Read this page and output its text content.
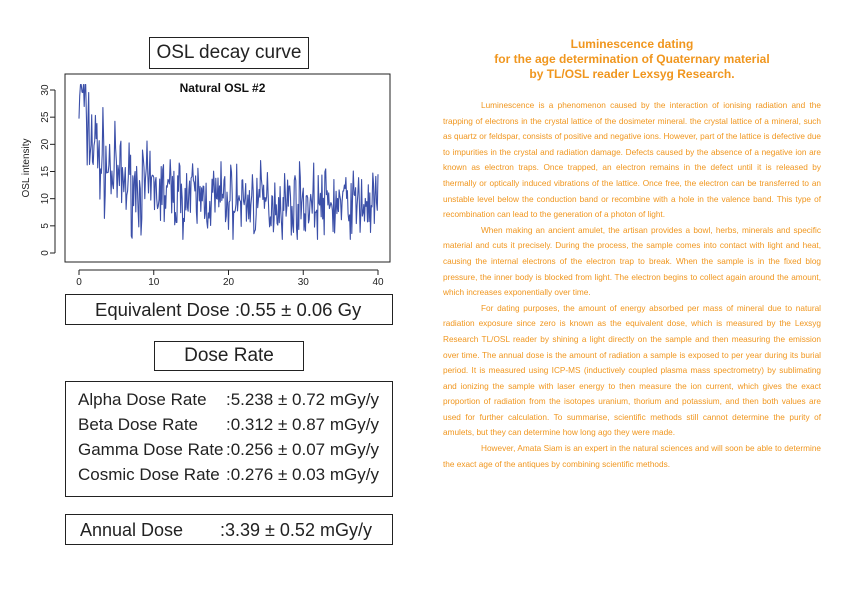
OSL decay curve
Natural OSL #2
0
5
10
15
20
25
30
OSL intensity
0	10	20	30	40
Equivalent Dose : 0.55 ± 0.06 Gy
Dose Rate
Alpha Dose Rate :5.238 ± 0.72 mGy/y
Beta Dose Rate :0.312 ± 0.87 mGy/y
Gamma Dose Rate :0.256 ± 0.07 mGy/y
Cosmic Dose Rate :0.276 ± 0.03 mGy/y
Annual Dose :3.39 ± 0.52 mGy/y
Luminescence dating
for the age determination of Quaternary material
by TL/OSL reader Lexsyg Research.

Luminescence is a phenomenon caused by the interaction of ionising radiation and the trapping of electrons in the crystal lattice of the dosimeter mineral. the crystal lattice of a mineral, such as quartz or feldspar, consists of positive and negative ions. However, part of the lattice is defective due to impurities in the crystal and radiation damage. Defects caused by the absence of a negative ion are known as electron traps. Once trapped, an electron remains in the defect until it is released by thermally or optically induced vibrations of the lattice. Once free, the electron can be transferred to an unstable level below the conduction band or recombine with a hole in the valence band. This type of recombination can lead to the generation of a photon of light.

When making an ancient amulet, the artisan provides a bowl, herbs, minerals and specific material and cuts it precisely. During the process, the sample comes into contact with light and heat, causing the internal electrons of the electron trap to break. When the sample is in the fixed blog pressure, the inner body is blocked from light. The electron begins to collect again around the amount, which increases exponentially over time.

For dating purposes, the amount of energy absorbed per mass of mineral due to natural radiation exposure since zero is known as the equivalent dose, which is measured by the Lexsyg Research TL/OSL reader by shining a light directly on the sample and then measuring the emission over time. The annual dose is the amount of radiation a sample is exposed to per year during its burial period. It is measured using ICP-MS (inductively coupled plasma mass spectrometry) by sublimating and ionizing the sample with laser energy to then measure the ion current, which gives the exact proportion of radiation from the isotopes uranium, thorium and potassium, and then both values are used for further calculation. To summarise, scientific methods still cannot determine the purity of amulets, but they can determine how long ago they were made.

However, Amata Siam is an expert in the natural sciences and will soon be able to determine the exact age of the antiques by combining scientific methods.
